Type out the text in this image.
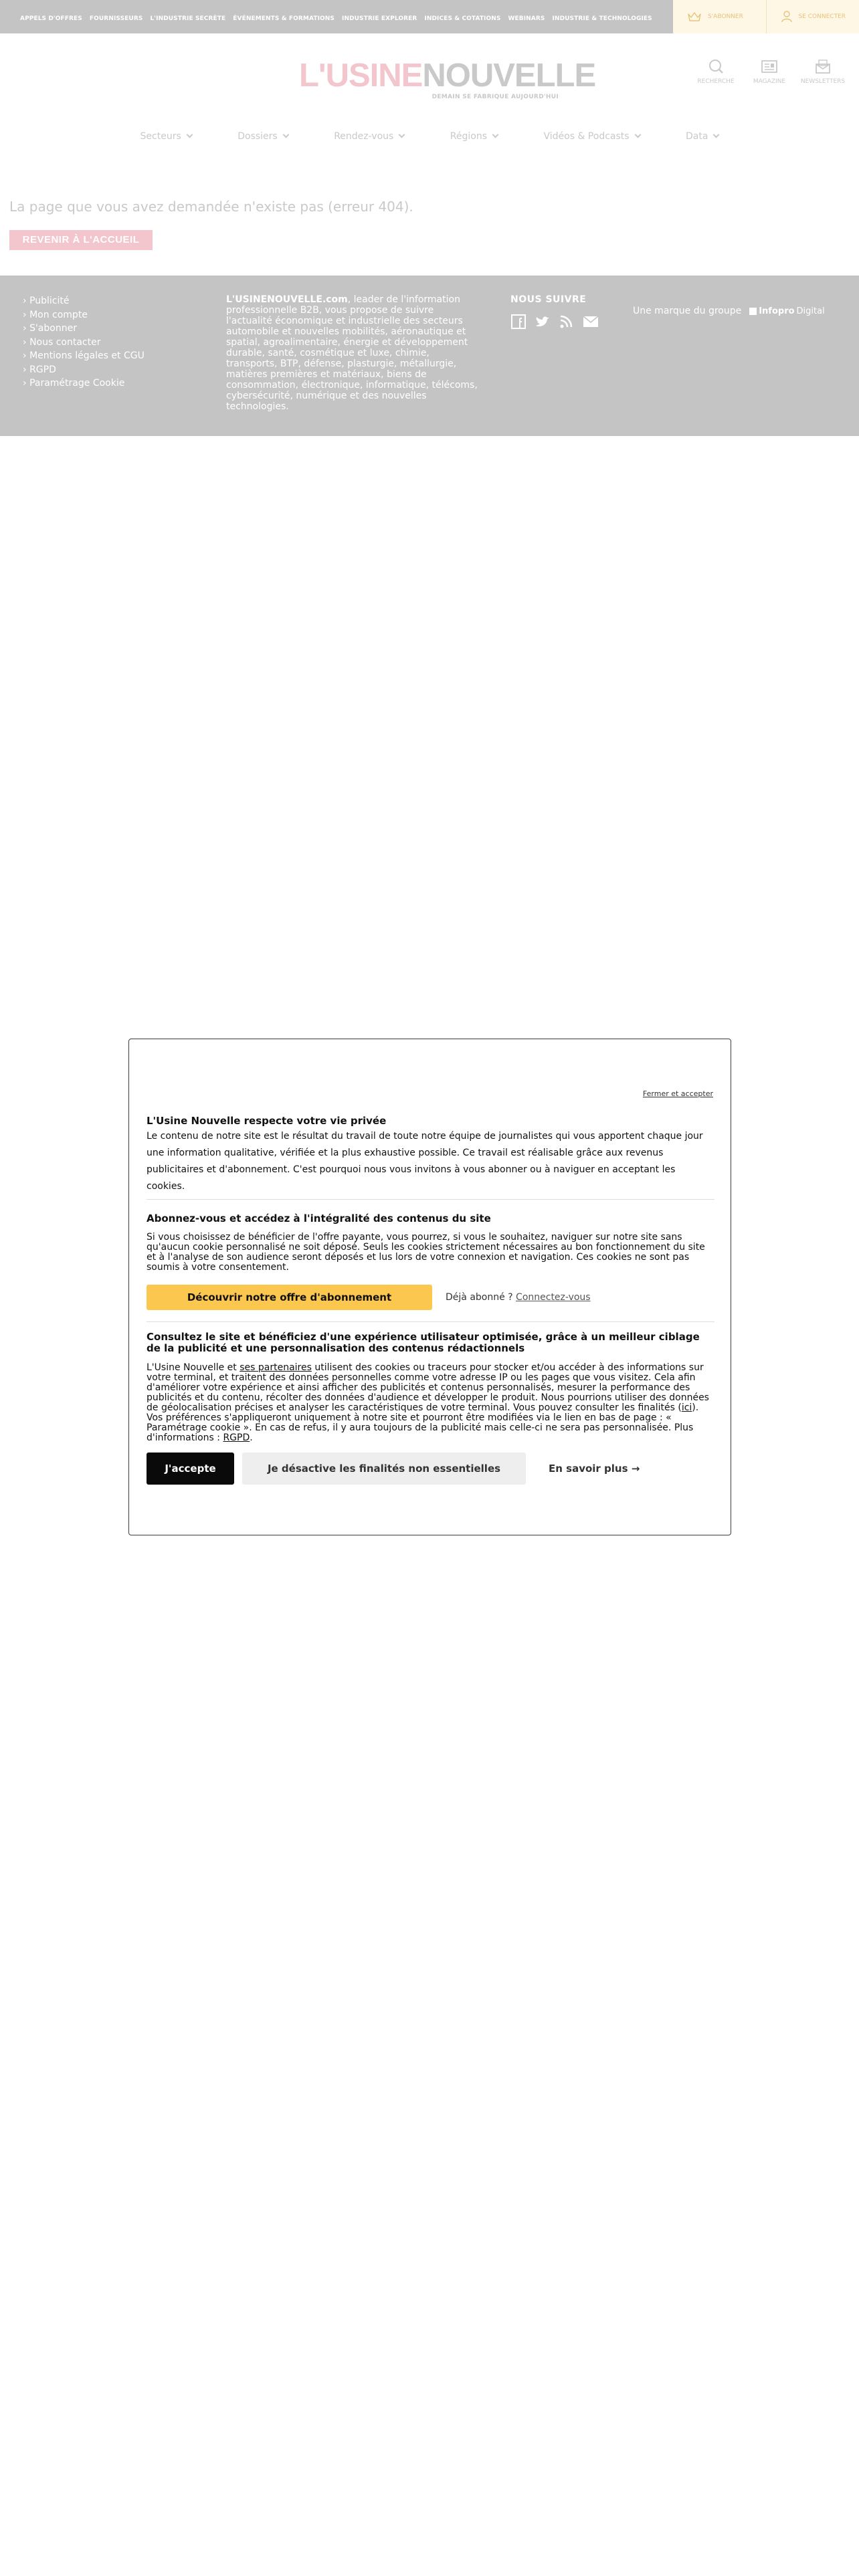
APPELS D'OFFRES FOURNISSEURS L'INDUSTRIE SECRÈTE ÉVÉNEMENTS & FORMATIONS INDUSTRIE EXPLORER INDICES & COTATIONS WEBINARS INDUSTRIE & TECHNOLOGIES	S'ABONNER	SE CONNECTER
L'USINENOUVELLE
DEMAIN SE FABRIQUE AUJOURD'HUI
RECHERCHE	MAGAZINE	NEWSLETTERS
Secteurs	Dossiers	Rendez-vous	Régions	Vidéos & Podcasts	Data
La page que vous avez demandée n'existe pas (erreur 404).
REVENIR À L'ACCUEIL
› Publicité
› Mon compte
› S'abonner
› Nous contacter
› Mentions légales et CGU
› RGPD
› Paramétrage Cookie
L'USINENOUVELLE.com, leader de l'information professionnelle B2B, vous propose de suivre l'actualité économique et industrielle des secteurs automobile et nouvelles mobilités, aéronautique et spatial, agroalimentaire, énergie et développement durable, santé, cosmétique et luxe, chimie, transports, BTP, défense, plasturgie, métallurgie, matières premières et matériaux, biens de consommation, électronique, informatique, télécoms, cybersécurité, numérique et des nouvelles technologies.
NOUS SUIVRE
Une marque du groupe Infopro Digital
Fermer et accepter
L'Usine Nouvelle respecte votre vie privée
Le contenu de notre site est le résultat du travail de toute notre équipe de journalistes qui vous apportent chaque jour une information qualitative, vérifiée et la plus exhaustive possible. Ce travail est réalisable grâce aux revenus publicitaires et d'abonnement. C'est pourquoi nous vous invitons à vous abonner ou à naviguer en acceptant les cookies.
Abonnez-vous et accédez à l'intégralité des contenus du site
Si vous choisissez de bénéficier de l'offre payante, vous pourrez, si vous le souhaitez, naviguer sur notre site sans qu'aucun cookie personnalisé ne soit déposé. Seuls les cookies strictement nécessaires au bon fonctionnement du site et à l'analyse de son audience seront déposés et lus lors de votre connexion et navigation. Ces cookies ne sont pas soumis à votre consentement.
Découvrir notre offre d'abonnement	Déjà abonné ? Connectez-vous
Consultez le site et bénéficiez d'une expérience utilisateur optimisée, grâce à un meilleur ciblage de la publicité et une personnalisation des contenus rédactionnels
L'Usine Nouvelle et ses partenaires utilisent des cookies ou traceurs pour stocker et/ou accéder à des informations sur votre terminal, et traitent des données personnelles comme votre adresse IP ou les pages que vous visitez. Cela afin d'améliorer votre expérience et ainsi afficher des publicités et contenus personnalisés, mesurer la performance des publicités et du contenu, récolter des données d'audience et développer le produit. Nous pourrions utiliser des données de géolocalisation précises et analyser les caractéristiques de votre terminal. Vous pouvez consulter les finalités (ici). Vos préférences s'appliqueront uniquement à notre site et pourront être modifiées via le lien en bas de page : « Paramétrage cookie ». En cas de refus, il y aura toujours de la publicité mais celle-ci ne sera pas personnalisée. Plus d'informations : RGPD.
J'accepte	Je désactive les finalités non essentielles	En savoir plus →
